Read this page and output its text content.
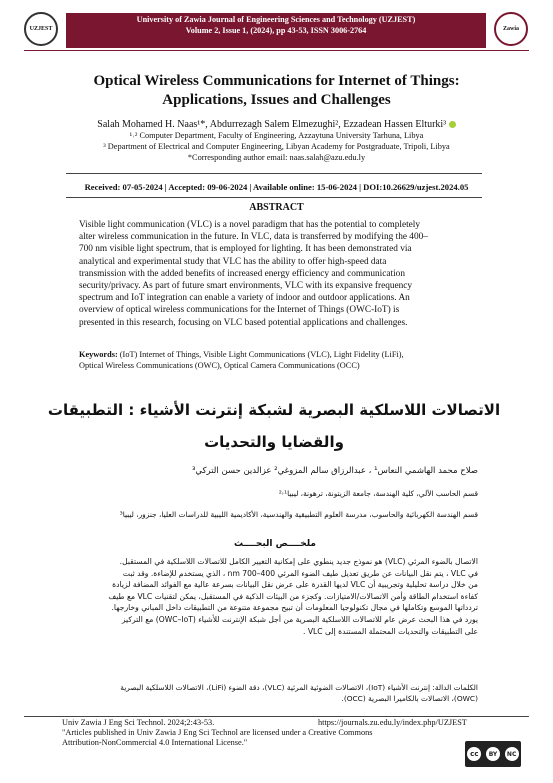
UZJEST
University of Zawia Journal of Engineering Sciences and Technology (UZJEST)
Volume 2, Issue 1, (2024), pp 43-53, ISSN 3006-2764	Zawia
Optical Wireless Communications for Internet of Things:
Applications, Issues and Challenges
Salah Mohamed H. Naas¹*, Abdurrezagh Salem Elmezughi², Ezzadean Hassen Elturki³
¹˒² Computer Department, Faculty of Engineering, Azzaytuna University Tarhuna, Libya
³ Department of Electrical and Computer Engineering, Libyan Academy for Postgraduate, Tripoli, Libya
*Corresponding author email: naas.salah@azu.edu.ly
Received: 07-05-2024 | Accepted: 09-06-2024 | Available online: 15-06-2024 | DOI:10.26629/uzjest.2024.05
ABSTRACT
Visible light communication (VLC) is a novel paradigm that has the potential to completely
alter wireless communication in the future. In VLC, data is transferred by modifying the 400–
700 nm visible light spectrum, that is employed for lighting. It has been demonstrated via
analytical and experimental study that VLC has the ability to offer high-speed data
transmission with the added benefits of increased energy efficiency and communication
security/privacy. As part of future smart environments, VLC with its expansive frequency
spectrum and IoT integration can enable a variety of indoor and outdoor applications. An
overview of optical wireless communications for the Internet of Things (OWC-IoT) is
presented in this research, focusing on VLC based potential applications and challenges.
Keywords: (IoT) Internet of Things, Visible Light Communications (VLC), Light Fidelity (LiFi),
Optical Wireless Communications (OWC), Optical Camera Communications (OCC)
الاتصالات اللاسلكية البصرية لشبكة إنترنت الأشياء : التطبيقات
والقضايا والتحديات
صلاح محمد الهاشمي النعاس¹ ، عبدالرزاق سالم المزوغي² عزالدين حسن التركي³
قسم الحاسب الآلي، كلية الهندسة، جامعة الزيتونة، ترهونة، ليبيا¹˒²
قسم الهندسة الكهربائية والحاسوب، مدرسة العلوم التطبيقية والهندسية، الأكاديمية الليبية للدراسات العليا، جنزور، ليبيا³
ملخــــص البحــــث
الاتصال بالضوء المرئي (VLC) هو نموذج جديد ينطوي على إمكانية التغيير الكامل للاتصالات اللاسلكية في المستقبل.
في VLC ، يتم نقل البيانات عن طريق تعديل طيف الضوء المرئي nm 700–400 ، الذي يستخدم للإضاءة. وقد ثبت
من خلال دراسة تحليلية وتجريبية أن VLC لديها القدرة على عرض نقل البيانات بسرعة عالية مع الفوائد المضافة لزيادة
كفاءة استخدام الطاقة وأمن الاتصالات/الامتيازات. وكجزء من البيئات الذكية في المستقبل، يمكن لتقنيات VLC مع طيف
تردداتها الموسع وتكاملها في مجال تكنولوجيا المعلومات أن تبيح مجموعة متنوعة من التطبيقات داخل المباني وخارجها.
يورد في هذا البحث عرض عام للاتصالات اللاسلكية البصرية من أجل شبكة الإنترنت للأشياء (OWC–IoT) مع التركيز
على التطبيقات والتحديات المحتملة المستندة إلى VLC .
الكلمات الدالة: إنترنت الأشياء (IoT)، الاتصالات الضوئية المرئية (VLC)، دقة الضوء (LiFi)، الاتصالات اللاسلكية البصرية
(OWC)، الاتصالات بالكاميرا البصرية (OCC).
Univ Zawia J Eng Sci Technol. 2024;2:43-53.	https://journals.zu.edu.ly/index.php/UZJEST
"Articles published in Univ Zawia J Eng Sci Technol are licensed under a Creative Commons
Attribution-NonCommercial 4.0 International License."
cc	BY	NC
